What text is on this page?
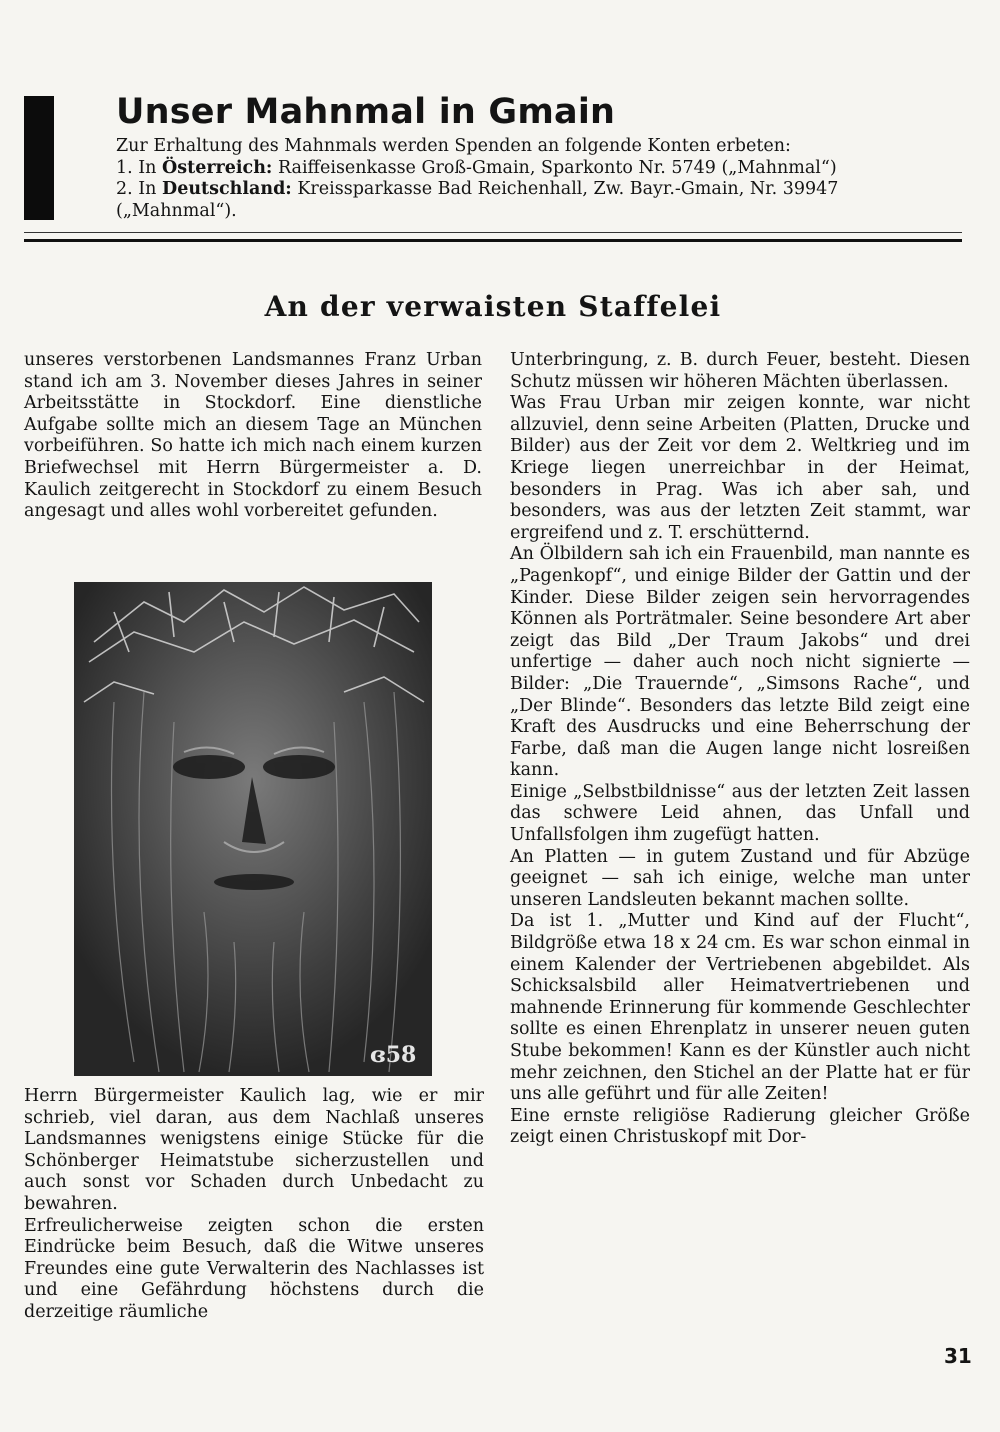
Unser Mahnmal in Gmain

Zur Erhaltung des Mahnmals werden Spenden an folgende Konten erbeten:

1. In Österreich: Raiffeisenkasse Groß-Gmain, Sparkonto Nr. 5749 („Mahnmal“)

2. In Deutschland: Kreissparkasse Bad Reichenhall, Zw. Bayr.-Gmain, Nr. 39947

(„Mahnmal“).

An der verwaisten Staffelei

unseres verstorbenen Landsmannes Franz Urban stand ich am 3. November dieses Jahres in seiner Arbeitsstätte in Stockdorf. Eine dienstliche Aufgabe sollte mich an diesem Tage an München vorbeiführen. So hatte ich mich nach einem kurzen Briefwechsel mit Herrn Bürgermeister a. D. Kaulich zeitgerecht in Stockdorf zu einem Besuch angesagt und alles wohl vorbereitet gefunden.

ɞ58

Herrn Bürgermeister Kaulich lag, wie er mir schrieb, viel daran, aus dem Nachlaß unseres Landsmannes wenigstens einige Stücke für die Schönberger Heimatstube sicherzustellen und auch sonst vor Schaden durch Unbedacht zu bewahren.

Erfreulicherweise zeigten schon die ersten Eindrücke beim Besuch, daß die Witwe unseres Freundes eine gute Verwalterin des Nachlasses ist und eine Gefährdung höchstens durch die derzeitige räumliche

Unterbringung, z. B. durch Feuer, besteht. Diesen Schutz müssen wir höheren Mächten überlassen.

Was Frau Urban mir zeigen konnte, war nicht allzuviel, denn seine Arbeiten (Platten, Drucke und Bilder) aus der Zeit vor dem 2. Weltkrieg und im Kriege liegen unerreichbar in der Heimat, besonders in Prag. Was ich aber sah, und besonders, was aus der letzten Zeit stammt, war ergreifend und z. T. erschütternd.

An Ölbildern sah ich ein Frauenbild, man nannte es „Pagenkopf“, und einige Bilder der Gattin und der Kinder. Diese Bilder zeigen sein hervorragendes Können als Porträtmaler. Seine besondere Art aber zeigt das Bild „Der Traum Jakobs“ und drei unfertige — daher auch noch nicht signierte — Bilder: „Die Trauernde“, „Simsons Rache“, und „Der Blinde“. Besonders das letzte Bild zeigt eine Kraft des Ausdrucks und eine Beherrschung der Farbe, daß man die Augen lange nicht losreißen kann.

Einige „Selbstbildnisse“ aus der letzten Zeit lassen das schwere Leid ahnen, das Unfall und Unfallsfolgen ihm zugefügt hatten.

An Platten — in gutem Zustand und für Abzüge geeignet — sah ich einige, welche man unter unseren Landsleuten bekannt machen sollte.

Da ist 1. „Mutter und Kind auf der Flucht“, Bildgröße etwa 18 x 24 cm. Es war schon einmal in einem Kalender der Vertriebenen abgebildet. Als Schicksalsbild aller Heimatvertriebenen und mahnende Erinnerung für kommende Geschlechter sollte es einen Ehrenplatz in unserer neuen guten Stube bekommen! Kann es der Künstler auch nicht mehr zeichnen, den Stichel an der Platte hat er für uns alle geführt und für alle Zeiten!

Eine ernste religiöse Radierung gleicher Größe zeigt einen Christuskopf mit Dor-

31
